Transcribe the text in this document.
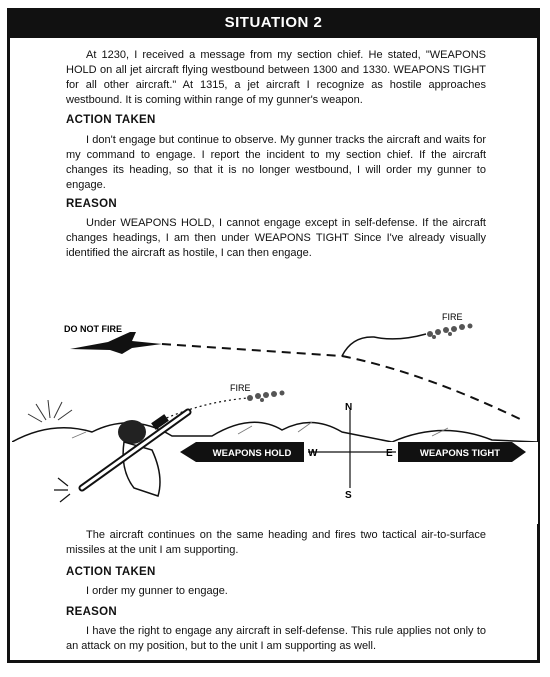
SITUATION 2

At 1230, I received a message from my section chief. He stated, "WEAPONS HOLD on all jet aircraft flying westbound between 1300 and 1330. WEAPONS TIGHT for all other aircraft." At 1315, a jet aircraft I recognize as hostile approaches westbound. It is coming within range of my gunner's weapon.

ACTION TAKEN

I don't engage but continue to observe. My gunner tracks the aircraft and waits for my command to engage. I report the incident to my section chief. If the aircraft changes its heading, so that it is no longer westbound, I will order my gunner to engage.

REASON

Under WEAPONS HOLD, I cannot engage except in self-defense. If the aircraft changes headings, I am then under WEAPONS TIGHT Since I've already visually identified the aircraft as hostile, I can then engage.

FIRE
FIRE
DO NOT FIRE
N
S
W	E
WEAPONS HOLD	WEAPONS TIGHT

The aircraft continues on the same heading and fires two tactical air-to-surface missiles at the unit I am supporting.

ACTION TAKEN

I order my gunner to engage.

REASON

I have the right to engage any aircraft in self-defense. This rule applies not only to an attack on my position, but to the unit I am supporting as well.
